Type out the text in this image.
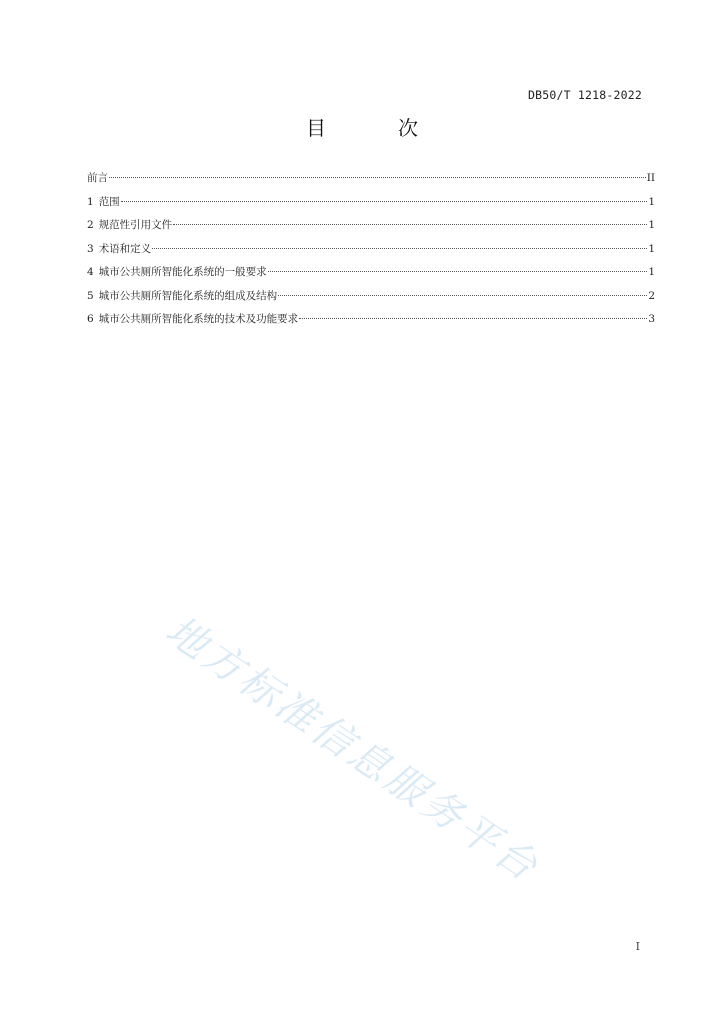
DB50/T 1218-2022
目　次
前言	II
1 范围	1
2 规范性引用文件	1
3 术语和定义	1
4 城市公共厕所智能化系统的一般要求	1
5 城市公共厕所智能化系统的组成及结构	2
6 城市公共厕所智能化系统的技术及功能要求	3
地方标准信息服务平台
I
